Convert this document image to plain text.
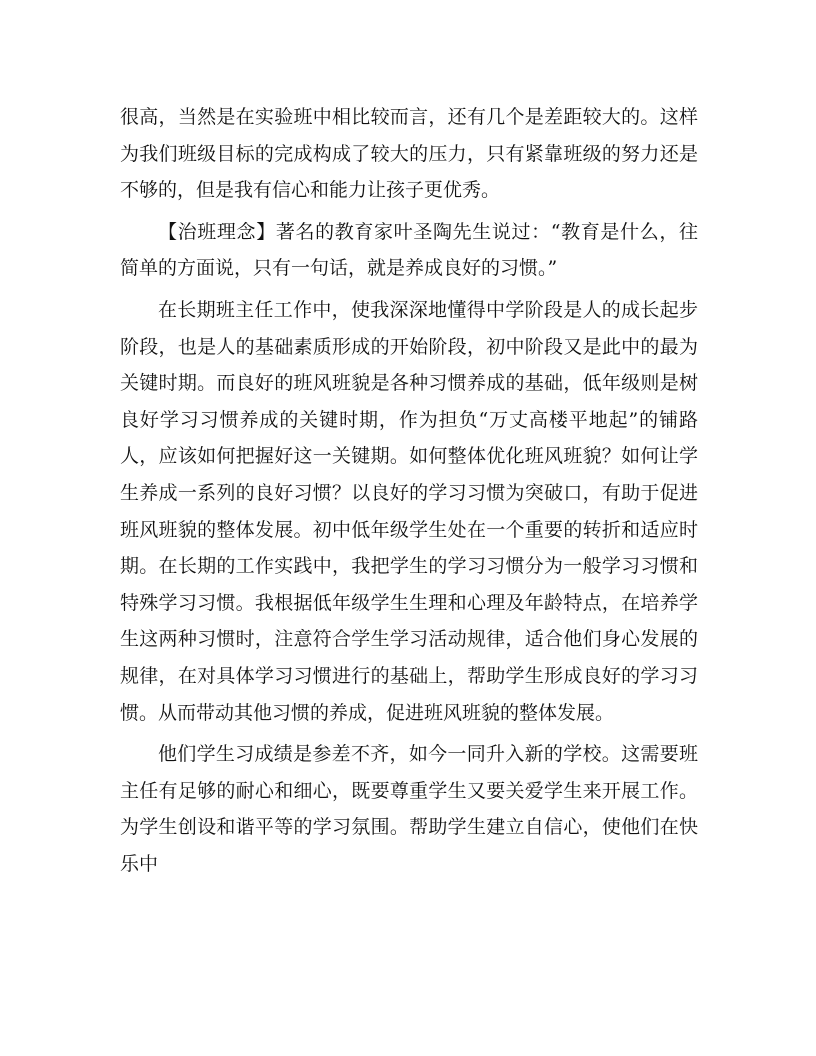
很高，当然是在实验班中相比较而言，还有几个是差距较大的。这样为我们班级目标的完成构成了较大的压力，只有紧靠班级的努力还是不够的，但是我有信心和能力让孩子更优秀。

【治班理念】著名的教育家叶圣陶先生说过：“教育是什么，往简单的方面说，只有一句话，就是养成良好的习惯。”

在长期班主任工作中，使我深深地懂得中学阶段是人的成长起步阶段，也是人的基础素质形成的开始阶段，初中阶段又是此中的最为关键时期。而良好的班风班貌是各种习惯养成的基础，低年级则是树良好学习习惯养成的关键时期，作为担负“万丈高楼平地起”的铺路人，应该如何把握好这一关键期。如何整体优化班风班貌？如何让学生养成一系列的良好习惯？以良好的学习习惯为突破口，有助于促进班风班貌的整体发展。初中低年级学生处在一个重要的转折和适应时期。在长期的工作实践中，我把学生的学习习惯分为一般学习习惯和特殊学习习惯。我根据低年级学生生理和心理及年龄特点，在培养学生这两种习惯时，注意符合学生学习活动规律，适合他们身心发展的规律，在对具体学习习惯进行的基础上，帮助学生形成良好的学习习惯。从而带动其他习惯的养成，促进班风班貌的整体发展。

他们学生习成绩是参差不齐，如今一同升入新的学校。这需要班主任有足够的耐心和细心，既要尊重学生又要关爱学生来开展工作。为学生创设和谐平等的学习氛围。帮助学生建立自信心，使他们在快乐中
